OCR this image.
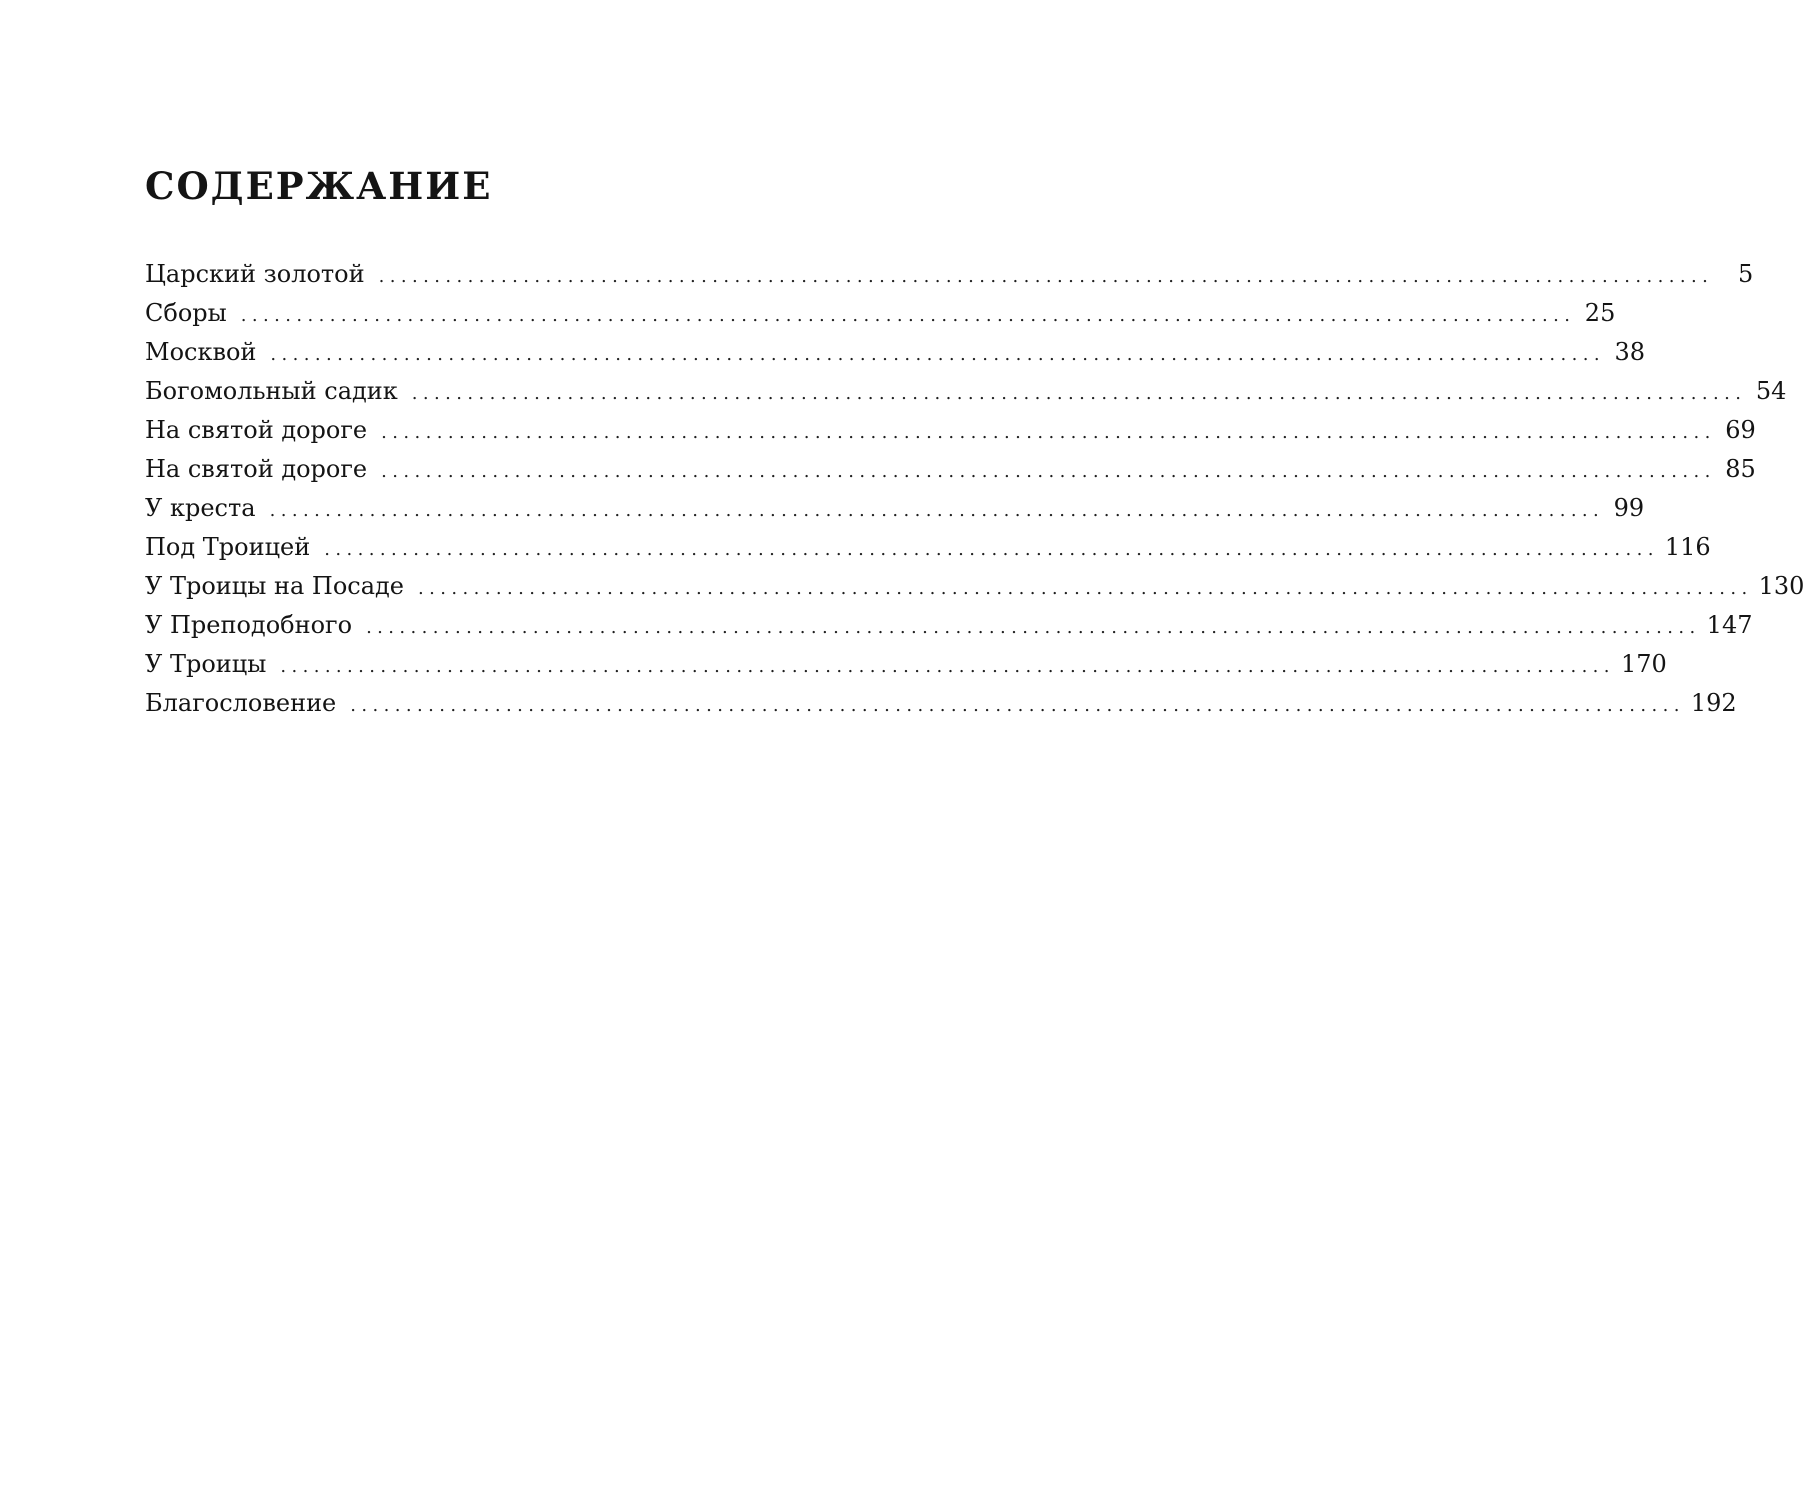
СОДЕРЖАНИЕ
Царский золотой ........................................................................................................................	5
Сборы ........................................................................................................................ 25
Москвой ........................................................................................................................ 38
Богомольный садик ........................................................................................................................ 54
На святой дороге ........................................................................................................................ 69
На святой дороге ........................................................................................................................ 85
У креста ........................................................................................................................ 99
Под Троицей ........................................................................................................................ 116
У Троицы на Посаде ........................................................................................................................ 130
У Преподобного ........................................................................................................................ 147
У Троицы ........................................................................................................................ 170
Благословение ........................................................................................................................ 192
